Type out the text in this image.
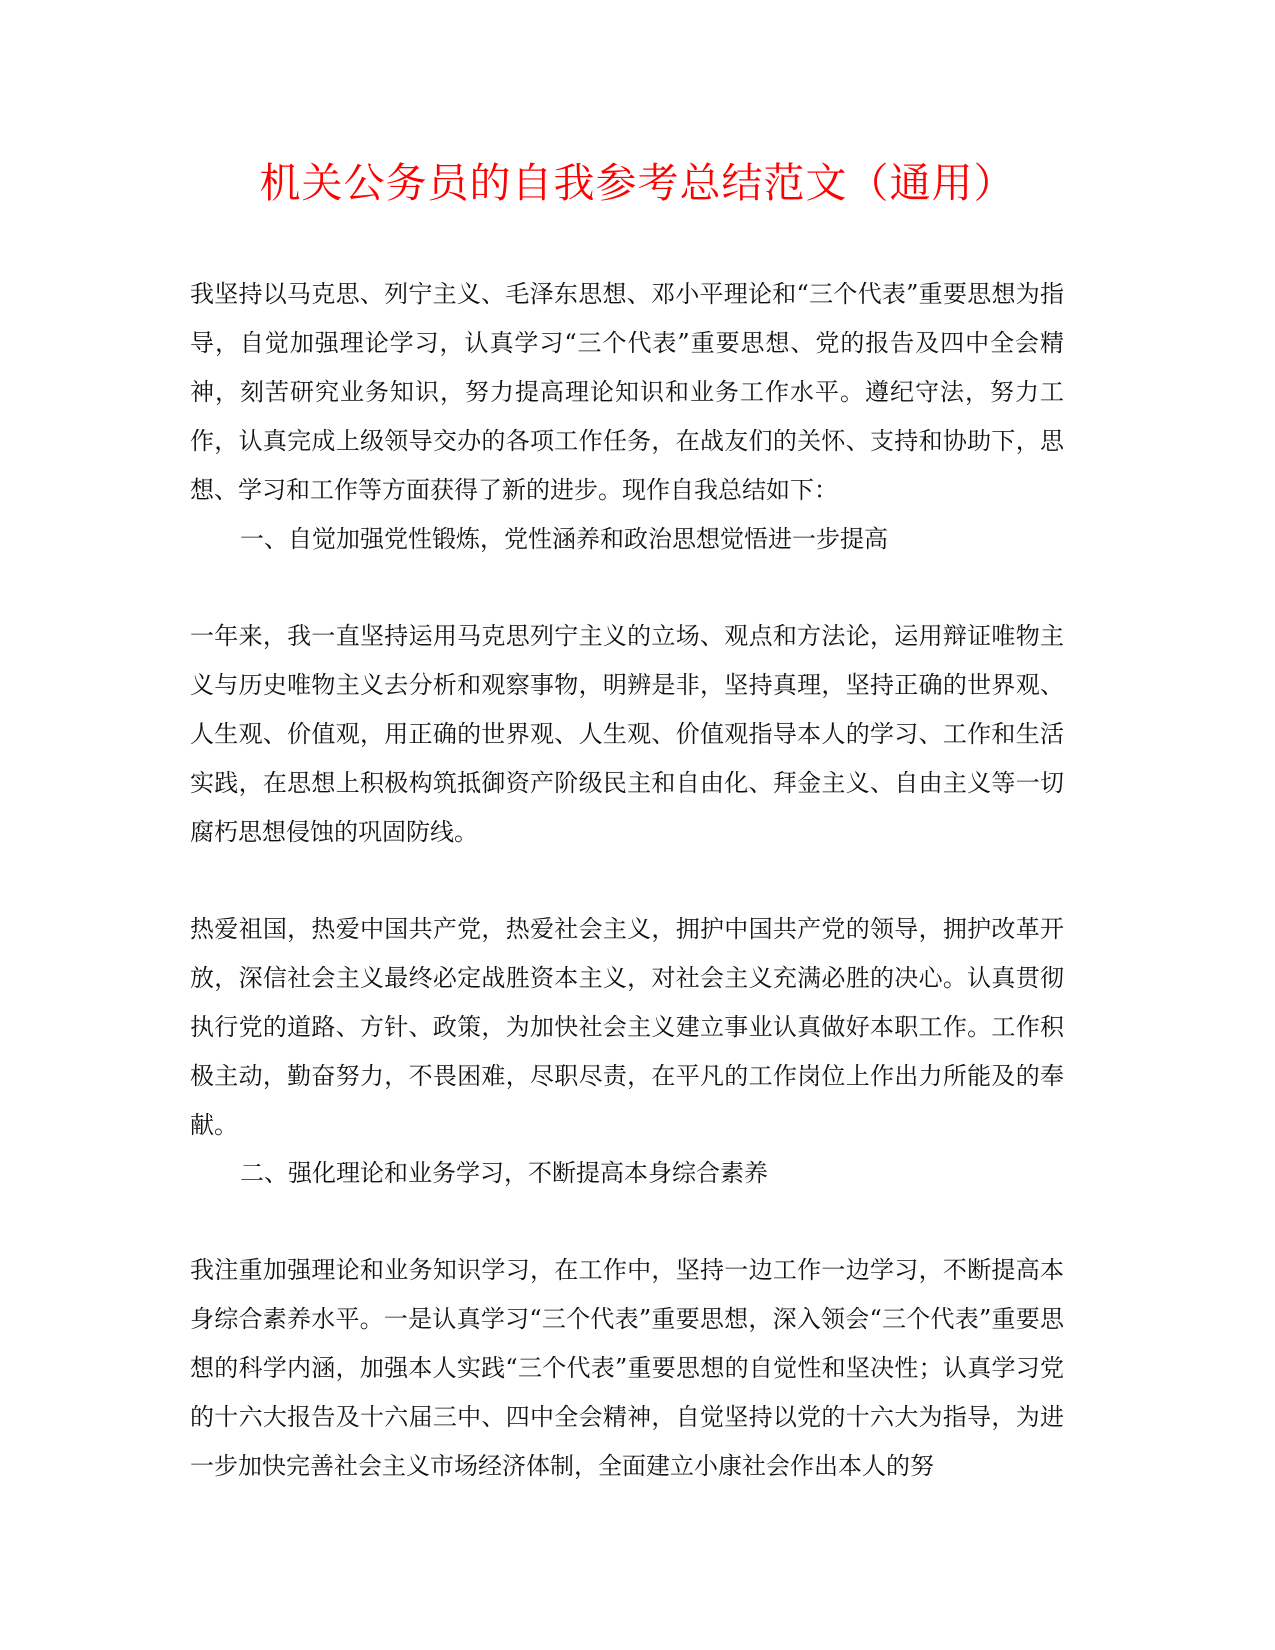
机关公务员的自我参考总结范文（通用）

我坚持以马克思、列宁主义、毛泽东思想、邓小平理论和“三个代表”重要思想为指导，自觉加强理论学习，认真学习“三个代表”重要思想、党的报告及四中全会精神，刻苦研究业务知识，努力提高理论知识和业务工作水平。遵纪守法，努力工作，认真完成上级领导交办的各项工作任务，在战友们的关怀、支持和协助下，思想、学习和工作等方面获得了新的进步。现作自我总结如下：

一、自觉加强党性锻炼，党性涵养和政治思想觉悟进一步提高

一年来，我一直坚持运用马克思列宁主义的立场、观点和方法论，运用辩证唯物主义与历史唯物主义去分析和观察事物，明辨是非，坚持真理，坚持正确的世界观、人生观、价值观，用正确的世界观、人生观、价值观指导本人的学习、工作和生活实践，在思想上积极构筑抵御资产阶级民主和自由化、拜金主义、自由主义等一切腐朽思想侵蚀的巩固防线。

热爱祖国，热爱中国共产党，热爱社会主义，拥护中国共产党的领导，拥护改革开放，深信社会主义最终必定战胜资本主义，对社会主义充满必胜的决心。认真贯彻执行党的道路、方针、政策，为加快社会主义建立事业认真做好本职工作。工作积极主动，勤奋努力，不畏困难，尽职尽责，在平凡的工作岗位上作出力所能及的奉献。

二、强化理论和业务学习，不断提高本身综合素养

我注重加强理论和业务知识学习，在工作中，坚持一边工作一边学习，不断提高本身综合素养水平。一是认真学习“三个代表”重要思想，深入领会“三个代表”重要思想的科学内涵，加强本人实践“三个代表”重要思想的自觉性和坚决性；认真学习党的十六大报告及十六届三中、四中全会精神，自觉坚持以党的十六大为指导，为进一步加快完善社会主义市场经济体制，全面建立小康社会作出本人的努
